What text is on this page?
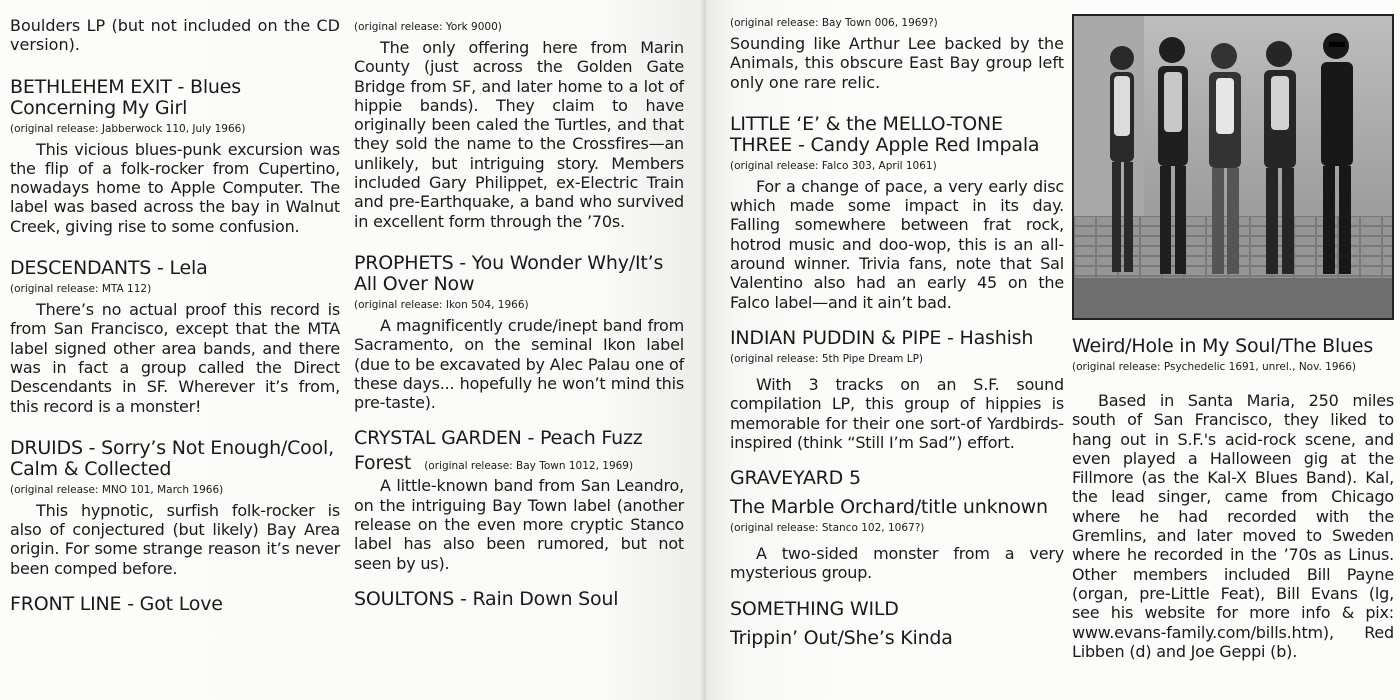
Boulders LP (but not included on the CD version).

BETHLEHEM EXIT - Blues Concerning My Girl
(original release: Jabberwock 110, July 1966)

This vicious blues-punk excursion was the flip of a folk-rocker from Cupertino, nowadays home to Apple Computer. The label was based across the bay in Walnut Creek, giving rise to some confusion.

DESCENDANTS - Lela
(original release: MTA 112)

There’s no actual proof this record is from San Francisco, except that the MTA label signed other area bands, and there was in fact a group called the Direct Descendants in SF. Wherever it’s from, this record is a monster!

DRUIDS - Sorry’s Not Enough/Cool, Calm & Collected
(original release: MNO 101, March 1966)

This hypnotic, surfish folk-rocker is also of conjectured (but likely) Bay Area origin. For some strange reason it’s never been comped before.

FRONT LINE - Got Love
(original release: York 9000)

The only offering here from Marin County (just across the Golden Gate Bridge from SF, and later home to a lot of hippie bands). They claim to have originally been caled the Turtles, and that they sold the name to the Crossfires—an unlikely, but intriguing story. Members included Gary Philippet, ex-Electric Train and pre-Earthquake, a band who survived in excellent form through the ’70s.

PROPHETS - You Wonder Why/It’s All Over Now
(original release: Ikon 504, 1966)

A magnificently crude/inept band from Sacramento, on the seminal Ikon label (due to be excavated by Alec Palau one of these days... hopefully he won’t mind this pre-taste).

CRYSTAL GARDEN - Peach Fuzz
Forest (original release: Bay Town 1012, 1969)

A little-known band from San Leandro, on the intriguing Bay Town label (another release on the even more cryptic Stanco label has also been rumored, but not seen by us).

SOULTONS - Rain Down Soul
(original release: Bay Town 006, 1969?)

Sounding like Arthur Lee backed by the Animals, this obscure East Bay group left only one rare relic.

LITTLE ‘E’ & the MELLO-TONE THREE - Candy Apple Red Impala
(original release: Falco 303, April 1061)

For a change of pace, a very early disc which made some impact in its day. Falling somewhere between frat rock, hotrod music and doo-wop, this is an all-around winner. Trivia fans, note that Sal Valentino also had an early 45 on the Falco label—and it ain’t bad.

INDIAN PUDDIN & PIPE - Hashish
(original release: 5th Pipe Dream LP)

With 3 tracks on an S.F. sound compilation LP, this group of hippies is memorable for their one sort-of Yardbirds-inspired (think “Still I’m Sad”) effort.

GRAVEYARD 5
The Marble Orchard/title unknown
(original release: Stanco 102, 1067?)

A two-sided monster from a very mysterious group.

SOMETHING WILD
Trippin’ Out/She’s Kinda
Weird/Hole in My Soul/The Blues
(original release: Psychedelic 1691, unrel., Nov. 1966)

Based in Santa Maria, 250 miles south of San Francisco, they liked to hang out in S.F.'s acid-rock scene, and even played a Halloween gig at the Fillmore (as the Kal-X Blues Band). Kal, the lead singer, came from Chicago where he had recorded with the Gremlins, and later moved to Sweden where he recorded in the ’70s as Linus. Other members included Bill Payne (organ, pre-Little Feat), Bill Evans (lg, see his website for more info & pix: www.evans-family.com/bills.htm), Red Libben (d) and Joe Geppi (b).
